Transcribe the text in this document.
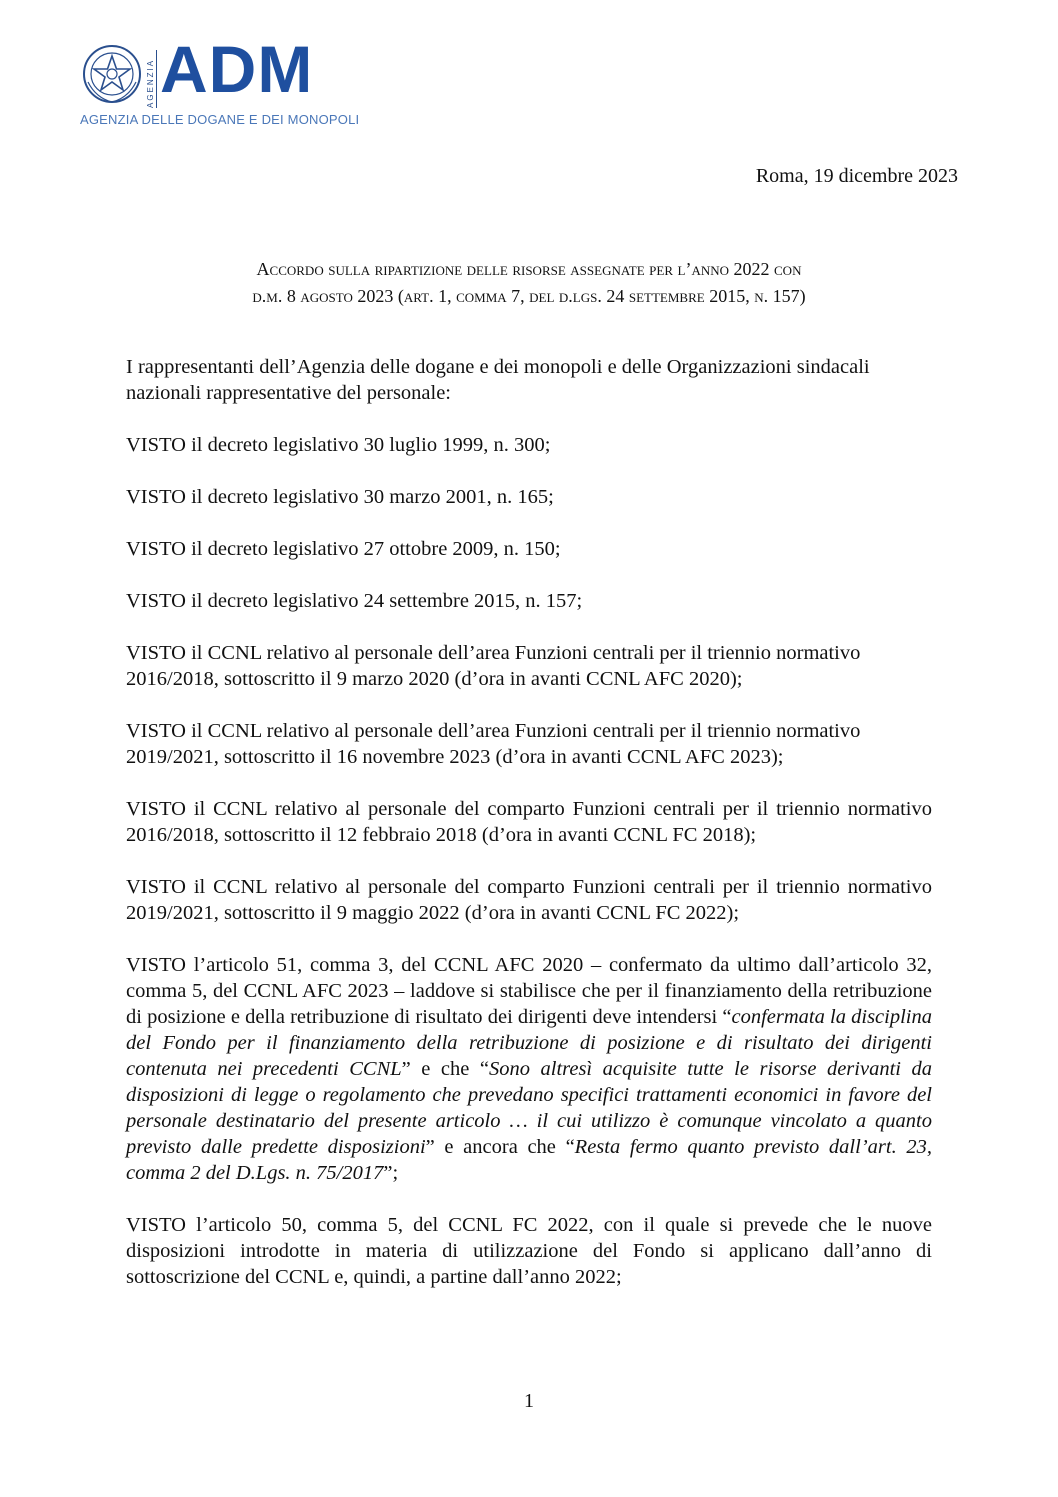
AGENZIA ADM
AGENZIA DELLE DOGANE E DEI MONOPOLI
Roma, 19 dicembre 2023
Accordo sulla ripartizione delle risorse assegnate per l’anno 2022 con
d.m. 8 agosto 2023 (art. 1, comma 7, del d.lgs. 24 settembre 2015, n. 157)

I rappresentanti dell’Agenzia delle dogane e dei monopoli e delle Organizzazioni sindacali nazionali rappresentative del personale:

VISTO il decreto legislativo 30 luglio 1999, n. 300;

VISTO il decreto legislativo 30 marzo 2001, n. 165;

VISTO il decreto legislativo 27 ottobre 2009, n. 150;

VISTO il decreto legislativo 24 settembre 2015, n. 157;

VISTO il CCNL relativo al personale dell’area Funzioni centrali per il triennio normativo 2016/2018, sottoscritto il 9 marzo 2020 (d’ora in avanti CCNL AFC 2020);

VISTO il CCNL relativo al personale dell’area Funzioni centrali per il triennio normativo 2019/2021, sottoscritto il 16 novembre 2023 (d’ora in avanti CCNL AFC 2023);

VISTO il CCNL relativo al personale del comparto Funzioni centrali per il triennio normativo 2016/2018, sottoscritto il 12 febbraio 2018 (d’ora in avanti CCNL FC 2018);

VISTO il CCNL relativo al personale del comparto Funzioni centrali per il triennio normativo 2019/2021, sottoscritto il 9 maggio 2022 (d’ora in avanti CCNL FC 2022);

VISTO l’articolo 51, comma 3, del CCNL AFC 2020 – confermato da ultimo dall’articolo 32, comma 5, del CCNL AFC 2023 – laddove si stabilisce che per il finanziamento della retribuzione di posizione e della retribuzione di risultato dei dirigenti deve intendersi “confermata la disciplina del Fondo per il finanziamento della retribuzione di posizione e di risultato dei dirigenti contenuta nei precedenti CCNL” e che “Sono altresì acquisite tutte le risorse derivanti da disposizioni di legge o regolamento che prevedano specifici trattamenti economici in favore del personale destinatario del presente articolo … il cui utilizzo è comunque vincolato a quanto previsto dalle predette disposizioni” e ancora che “Resta fermo quanto previsto dall’art. 23, comma 2 del D.Lgs. n. 75/2017”;

VISTO l’articolo 50, comma 5, del CCNL FC 2022, con il quale si prevede che le nuove disposizioni introdotte in materia di utilizzazione del Fondo si applicano dall’anno di sottoscrizione del CCNL e, quindi, a partine dall’anno 2022;

1
